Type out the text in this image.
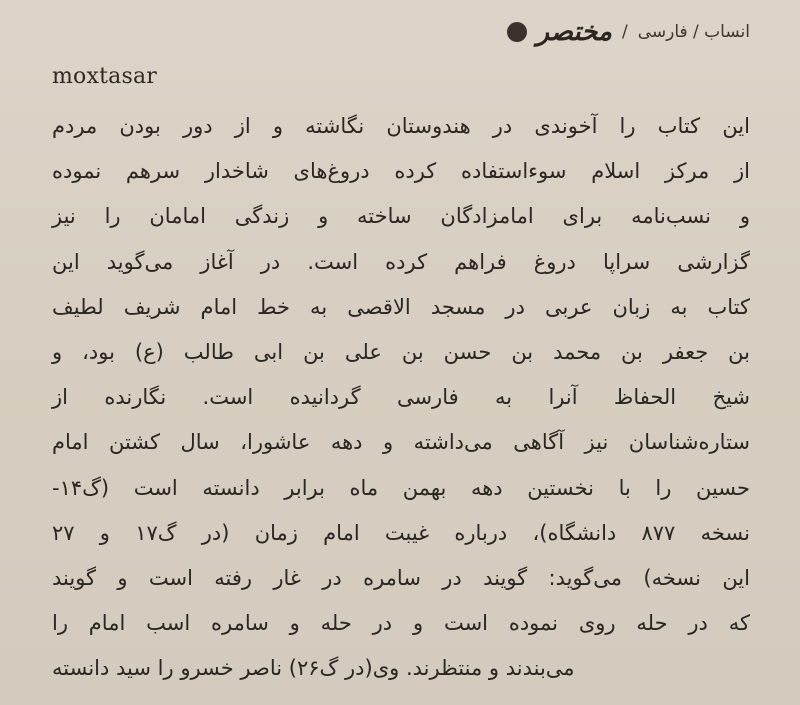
مختصر / انساب / فارسی
moxtasar
این کتاب را آخوندی در هندوستان نگاشته و از دور بودن مردم
از مرکز اسلام سوءاستفاده کرده دروغ‌های شاخدار سرهم نموده
و نسب‌نامه برای امامزادگان ساخته و زندگی امامان را نیز
گزارشی سراپا دروغ فراهم کرده است. در آغاز می‌گوید این
کتاب به زبان عربی در مسجد الاقصی به خط امام شریف لطیف
بن جعفر بن محمد بن حسن بن علی بن ابی طالب (ع) بود، و
شیخ الحفاظ آنرا به فارسی گردانیده است. نگارنده از
ستاره‌شناسان نیز آگاهی می‌داشته و دهه عاشورا، سال کشتن امام
حسین را با نخستین دهه بهمن ماه برابر دانسته است (گ۱۴-
نسخه ۸۷۷ دانشگاه)، درباره غیبت امام زمان (در گ۱۷ و ۲۷
این نسخه) می‌گوید: گویند در سامره در غار رفته است و گویند
که در حله روی نموده است و در حله و سامره اسب امام را
می‌بندند و منتظرند. وی(در گ۲۶) ناصر خسرو را سید دانسته
